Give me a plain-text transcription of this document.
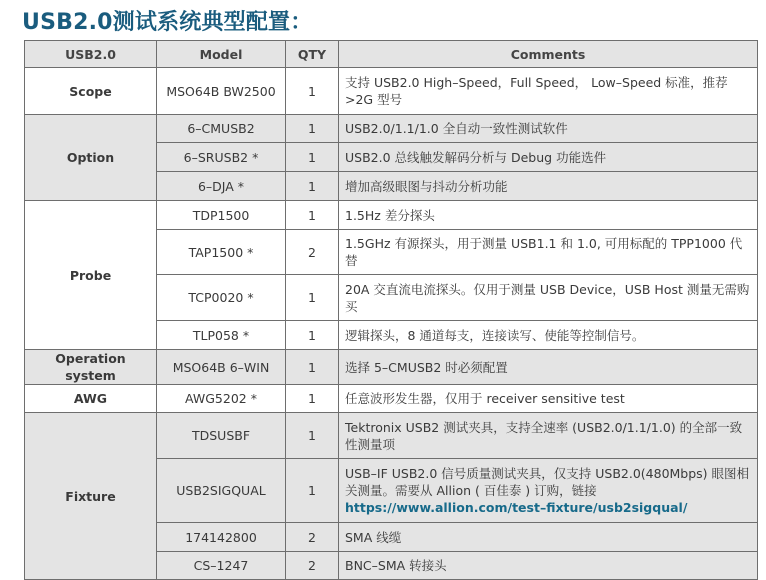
USB2.0测试系统典型配置：
USB2.0	Model	QTY	Comments
Scope	MSO64B BW2500	1	支持 USB2.0 High–Speed，Full Speed， Low–Speed 标准，推荐 >2G 型号
Option	6–CMUSB2	1	USB2.0/1.1/1.0 全自动一致性测试软件
	6–SRUSB2 *	1	USB2.0 总线触发解码分析与 Debug 功能选件
	6–DJA *	1	增加高级眼图与抖动分析功能
Probe	TDP1500	1	1.5Hz 差分探头
	TAP1500 *	2	1.5GHz 有源探头，用于测量 USB1.1 和 1.0, 可用标配的 TPP1000 代替
	TCP0020 *	1	20A 交直流电流探头。仅用于测量 USB Device，USB Host 测量无需购买
	TLP058 *	1	逻辑探头，8 通道每支，连接读写、使能等控制信号。
Operation system	MSO64B 6–WIN	1	选择 5–CMUSB2 时必须配置
AWG	AWG5202 *	1	任意波形发生器，仅用于 receiver sensitive test
Fixture	TDSUSBF	1	Tektronix USB2 测试夹具，支持全速率 (USB2.0/1.1/1.0) 的全部一致性测量项
	USB2SIGQUAL	1	USB–IF USB2.0 信号质量测试夹具，仅支持 USB2.0(480Mbps) 眼图相关测量。需要从 Allion ( 百佳泰 ) 订购，链接
https://www.allion.com/test–fixture/usb2sigqual/
	174142800	2	SMA 线缆
	CS–1247	2	BNC–SMA 转接头
